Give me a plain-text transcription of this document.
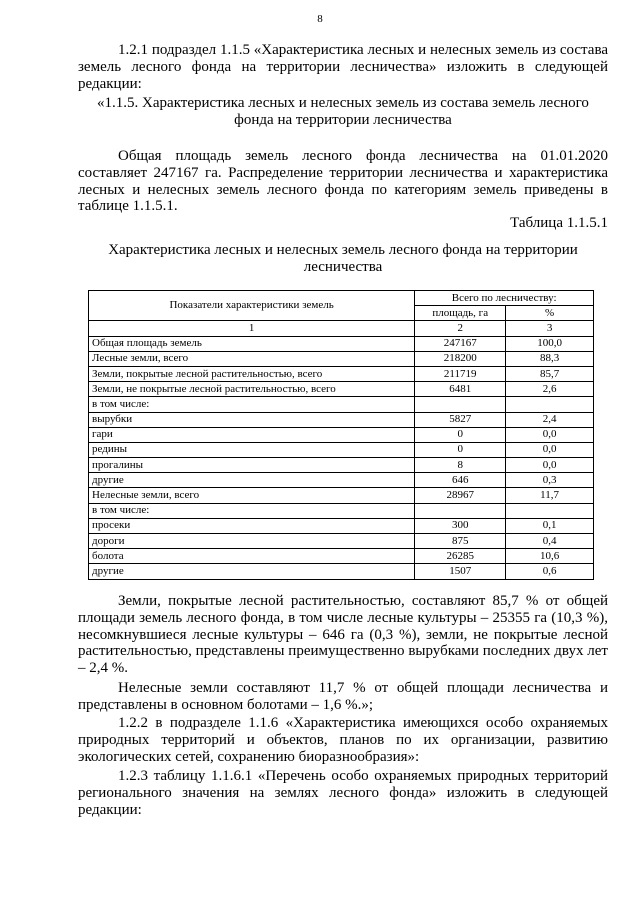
8

1.2.1 подраздел 1.1.5 «Характеристика лесных и нелесных земель из состава земель лесного фонда на территории лесничества» изложить в следующей редакции:

«1.1.5. Характеристика лесных и нелесных земель из состава земель лесного фонда на территории лесничества

Общая площадь земель лесного фонда лесничества на 01.01.2020 составляет 247167 га. Распределение территории лесничества и характеристика лесных и нелесных земель лесного фонда по категориям земель приведены в таблице 1.1.5.1.

Таблица 1.1.5.1

Характеристика лесных и нелесных земель лесного фонда на территории лесничества

Показатели характеристики земель	Всего по лесничеству:	
	площадь, га	%
1	2	3
Общая площадь земель	247167	100,0
Лесные земли, всего	218200	88,3
Земли, покрытые лесной растительностью, всего	211719	85,7
Земли, не покрытые лесной растительностью, всего	6481	2,6
в том числе:		
вырубки	5827	2,4
гари	0	0,0
редины	0	0,0
прогалины	8	0,0
другие	646	0,3
Нелесные земли, всего	28967	11,7
в том числе:		
просеки	300	0,1
дороги	875	0,4
болота	26285	10,6
другие	1507	0,6

Земли, покрытые лесной растительностью, составляют 85,7 % от общей площади земель лесного фонда, в том числе лесные культуры – 25355 га (10,3 %), несомкнувшиеся лесные культуры – 646 га (0,3 %), земли, не покрытые лесной растительностью, представлены преимущественно вырубками последних двух лет – 2,4 %.

Нелесные земли составляют 11,7 % от общей площади лесничества и представлены в основном болотами – 1,6 %.»;

1.2.2 в подразделе 1.1.6 «Характеристика имеющихся особо охраняемых природных территорий и объектов, планов по их организации, развитию экологических сетей, сохранению биоразнообразия»:

1.2.3 таблицу 1.1.6.1 «Перечень особо охраняемых природных территорий регионального значения на землях лесного фонда» изложить в следующей редакции:
